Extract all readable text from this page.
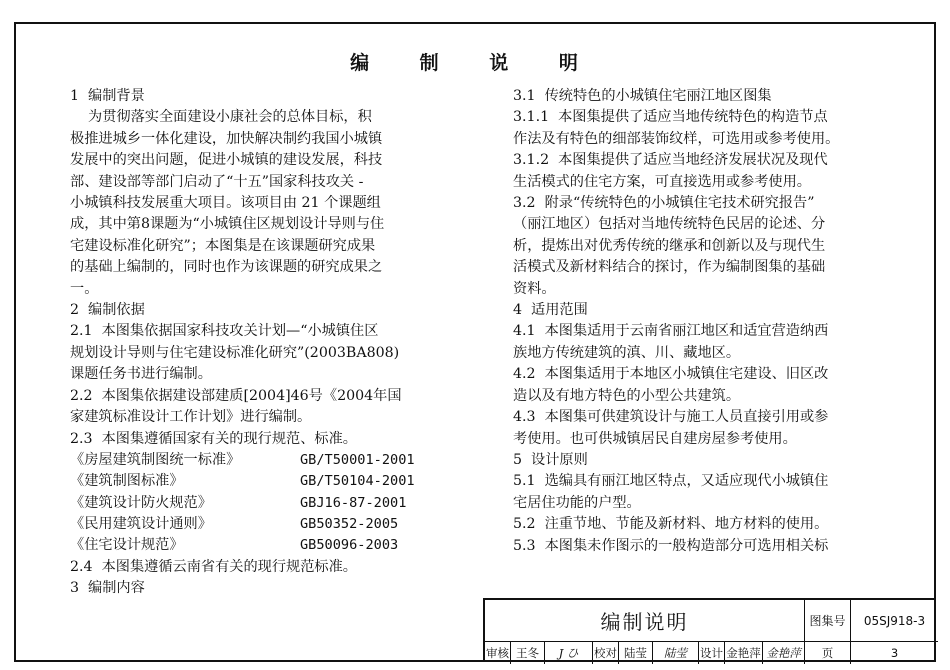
编 制 说 明
1  编制背景
为贯彻落实全面建设小康社会的总体目标，积
极推进城乡一体化建设，加快解决制约我国小城镇
发展中的突出问题，促进小城镇的建设发展，科技
部、建设部等部门启动了“十五”国家科技攻关 -
小城镇科技发展重大项目。该项目由 21 个课题组
成，其中第8课题为“小城镇住区规划设计导则与住
宅建设标准化研究”；本图集是在该课题研究成果
的基础上编制的，同时也作为该课题的研究成果之
一。
2  编制依据
2.1  本图集依据国家科技攻关计划—“小城镇住区
规划设计导则与住宅建设标准化研究”(2003BA808)
课题任务书进行编制。
2.2  本图集依据建设部建质[2004]46号《2004年国
家建筑标准设计工作计划》进行编制。
2.3  本图集遵循国家有关的现行规范、标准。
《房屋建筑制图统一标准》	GB/T50001-2001
《建筑制图标准》	GB/T50104-2001
《建筑设计防火规范》	GBJ16-87-2001
《民用建筑设计通则》	GB50352-2005
《住宅设计规范》	GB50096-2003
2.4  本图集遵循云南省有关的现行规范标准。
3  编制内容
3.1  传统特色的小城镇住宅丽江地区图集
3.1.1  本图集提供了适应当地传统特色的构造节点
作法及有特色的细部装饰纹样，可选用或参考使用。
3.1.2  本图集提供了适应当地经济发展状况及现代
生活模式的住宅方案，可直接选用或参考使用。
3.2  附录“传统特色的小城镇住宅技术研究报告”
（丽江地区）包括对当地传统特色民居的论述、分
析，提炼出对优秀传统的继承和创新以及与现代生
活模式及新材料结合的探讨，作为编制图集的基础
资料。
4  适用范围
4.1  本图集适用于云南省丽江地区和适宜营造纳西
族地方传统建筑的滇、川、藏地区。
4.2  本图集适用于本地区小城镇住宅建设、旧区改
造以及有地方特色的小型公共建筑。
4.3  本图集可供建筑设计与施工人员直接引用或参
考使用。也可供城镇居民自建房屋参考使用。
5  设计原则
5.1  选编具有丽江地区特点，又适应现代小城镇住
宅居住功能的户型。
5.2  注重节地、节能及新材料、地方材料的使用。
5.3  本图集未作图示的一般构造部分可选用相关标
编制说明	图集号	05SJ918-3
审核 王冬	J ひ	校对 陆莹	陆莹	设计 金艳萍 金艳萍	页	3
